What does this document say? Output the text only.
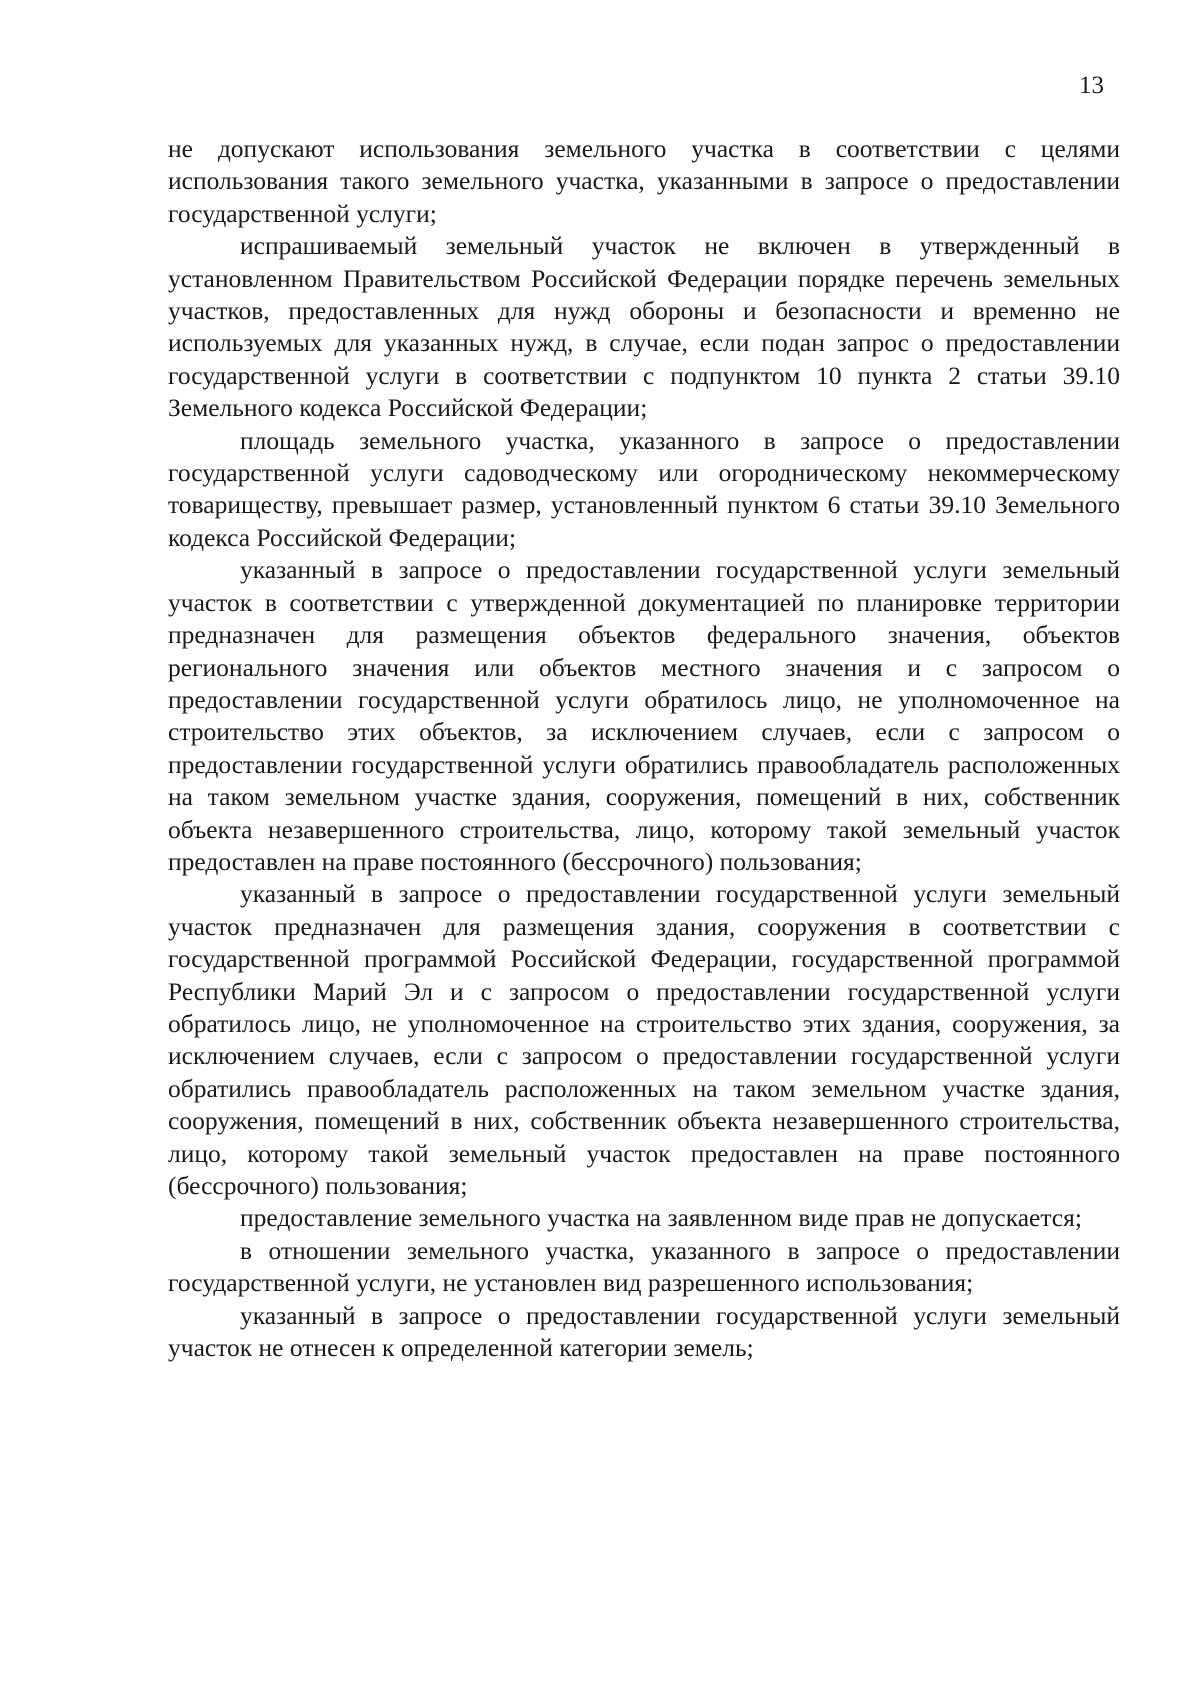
13

не допускают использования земельного участка в соответствии с целями использования такого земельного участка, указанными в запросе о предоставлении государственной услуги;

испрашиваемый земельный участок не включен в утвержденный в установленном Правительством Российской Федерации порядке перечень земельных участков, предоставленных для нужд обороны и безопасности и временно не используемых для указанных нужд, в случае, если подан запрос о предоставлении государственной услуги в соответствии с подпунктом 10 пункта 2 статьи 39.10 Земельного кодекса Российской Федерации;

площадь земельного участка, указанного в запросе о предоставлении государственной услуги садоводческому или огородническому некоммерческому товариществу, превышает размер, установленный пунктом 6 статьи 39.10 Земельного кодекса Российской Федерации;

указанный в запросе о предоставлении государственной услуги земельный участок в соответствии с утвержденной документацией по планировке территории предназначен для размещения объектов федерального значения, объектов регионального значения или объектов местного значения и с запросом о предоставлении государственной услуги обратилось лицо, не уполномоченное на строительство этих объектов, за исключением случаев, если с запросом о предоставлении государственной услуги обратились правообладатель расположенных на таком земельном участке здания, сооружения, помещений в них, собственник объекта незавершенного строительства, лицо, которому такой земельный участок предоставлен на праве постоянного (бессрочного) пользования;

указанный в запросе о предоставлении государственной услуги земельный участок предназначен для размещения здания, сооружения в соответствии с государственной программой Российской Федерации, государственной программой Республики Марий Эл и с запросом о предоставлении государственной услуги обратилось лицо, не уполномоченное на строительство этих здания, сооружения, за исключением случаев, если с запросом о предоставлении государственной услуги обратились правообладатель расположенных на таком земельном участке здания, сооружения, помещений в них, собственник объекта незавершенного строительства, лицо, которому такой земельный участок предоставлен на праве постоянного (бессрочного) пользования;

предоставление земельного участка на заявленном виде прав не допускается;

в отношении земельного участка, указанного в запросе о предоставлении государственной услуги, не установлен вид разрешенного использования;

указанный в запросе о предоставлении государственной услуги земельный участок не отнесен к определенной категории земель;
